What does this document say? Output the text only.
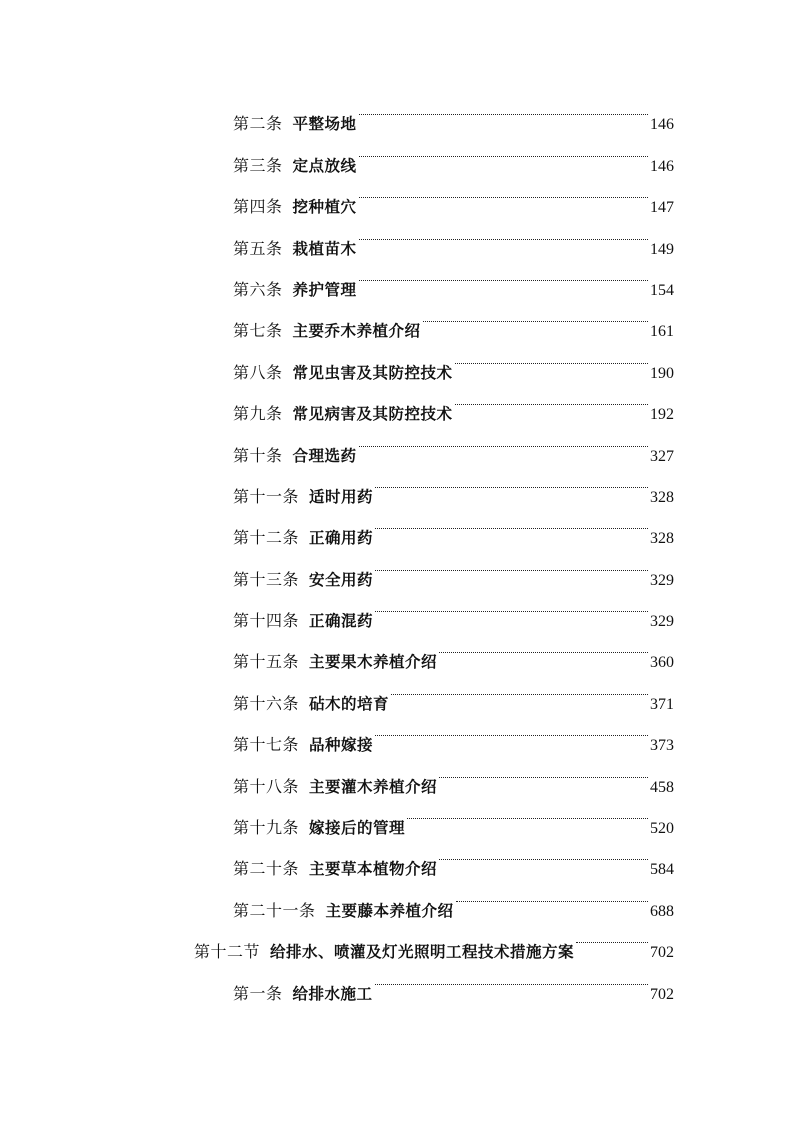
第二条 平整场地	146
第三条 定点放线	146
第四条 挖种植穴	147
第五条 栽植苗木	149
第六条 养护管理	154
第七条 主要乔木养植介绍	161
第八条 常见虫害及其防控技术	190
第九条 常见病害及其防控技术	192
第十条 合理选药	327
第十一条 适时用药	328
第十二条 正确用药	328
第十三条 安全用药	329
第十四条 正确混药	329
第十五条 主要果木养植介绍	360
第十六条 砧木的培育	371
第十七条 品种嫁接	373
第十八条 主要灌木养植介绍	458
第十九条 嫁接后的管理	520
第二十条 主要草本植物介绍	584
第二十一条 主要藤本养植介绍	688
第十二节 给排水、喷灌及灯光照明工程技术措施方案	702
第一条 给排水施工	702
